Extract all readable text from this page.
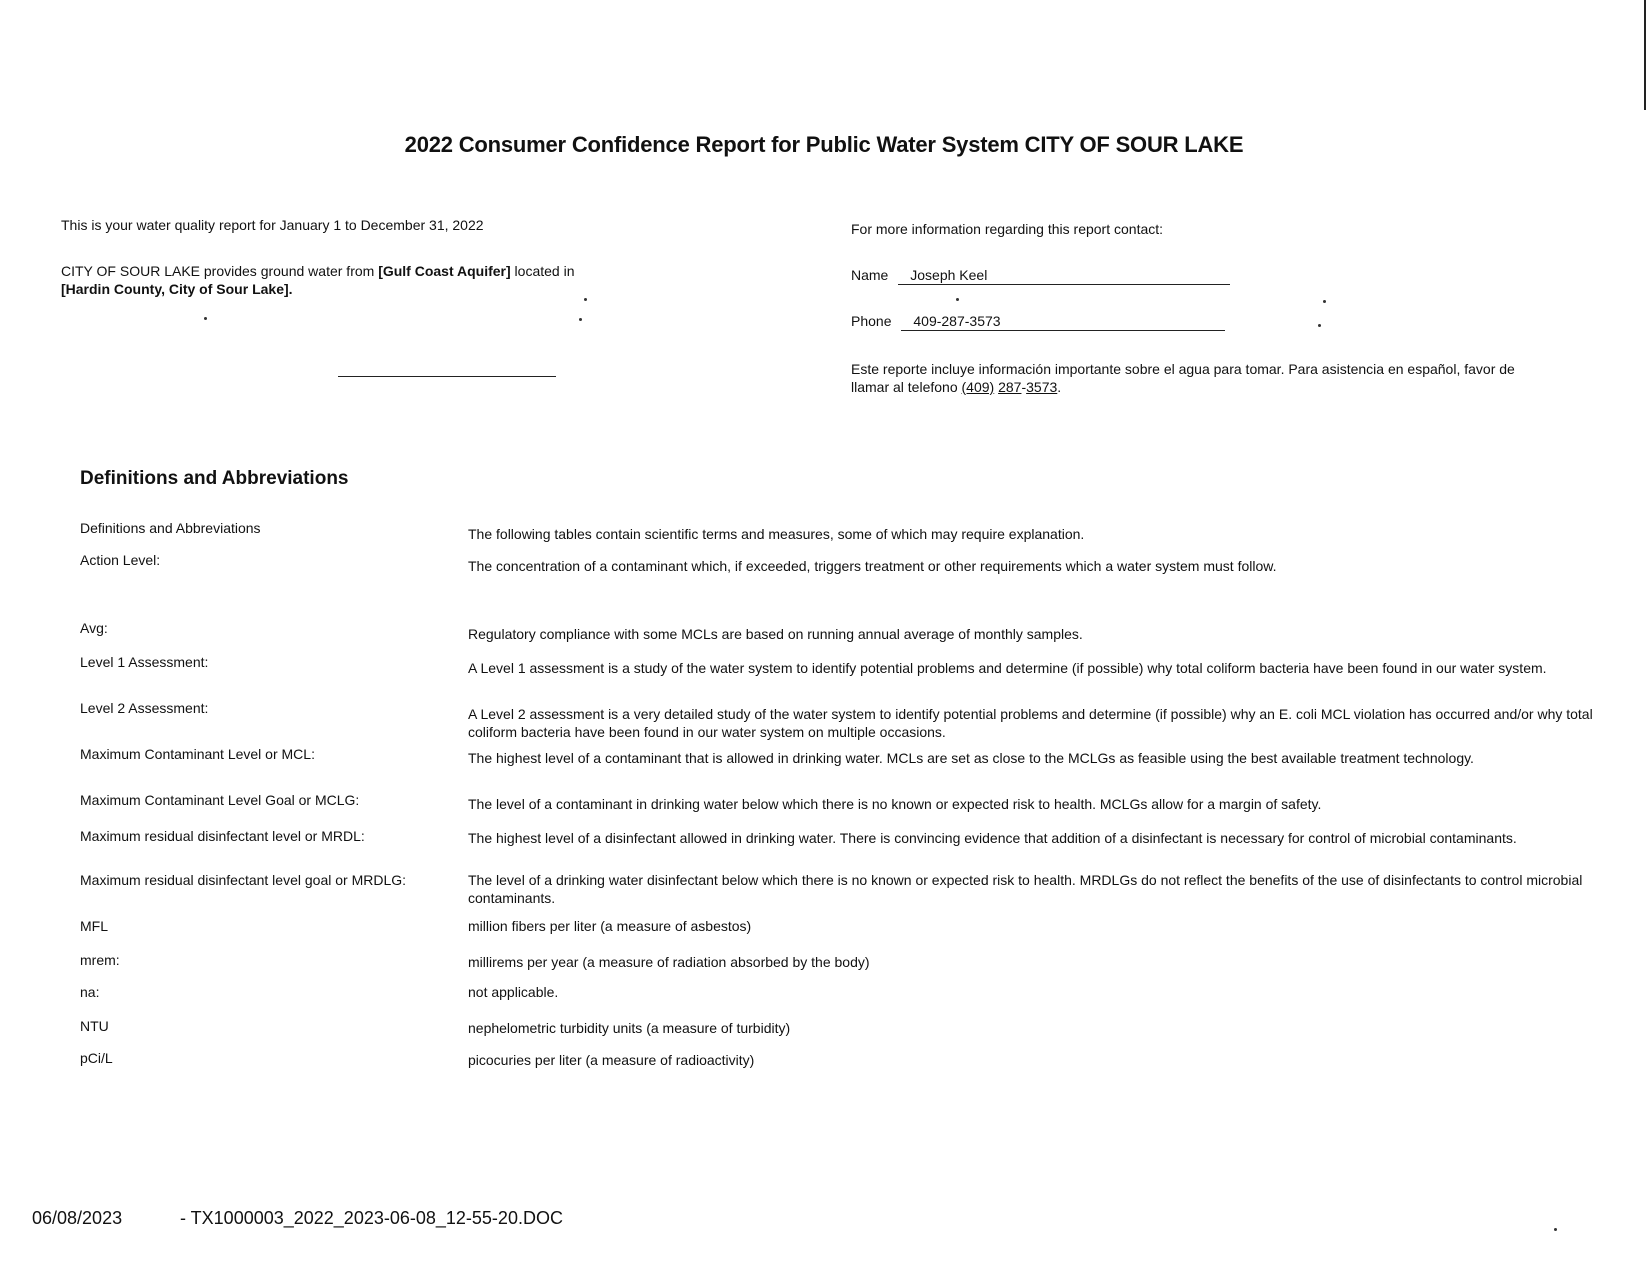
2022 Consumer Confidence Report for Public Water System CITY OF SOUR LAKE
This is your water quality report for January 1 to December 31, 2022
CITY OF SOUR LAKE provides ground water from [Gulf Coast Aquifer] located in
[Hardin County, City of Sour Lake].
For more information regarding this report contact:
Name Joseph Keel
Phone 409-287-3573
Este reporte incluye información importante sobre el agua para tomar. Para asistencia en español, favor de
llamar al telefono (409) 287-3573.
Definitions and Abbreviations
Definitions and Abbreviations	The following tables contain scientific terms and measures, some of which may require explanation.
Action Level:	The concentration of a contaminant which, if exceeded, triggers treatment or other requirements which a water system must follow.
Avg:	Regulatory compliance with some MCLs are based on running annual average of monthly samples.
Level 1 Assessment:	A Level 1 assessment is a study of the water system to identify potential problems and determine (if possible) why total coliform bacteria have been found in our water system.
Level 2 Assessment:	A Level 2 assessment is a very detailed study of the water system to identify potential problems and determine (if possible) why an E. coli MCL violation has occurred and/or why total coliform bacteria have been found in our water system on multiple occasions.
Maximum Contaminant Level or MCL:	The highest level of a contaminant that is allowed in drinking water. MCLs are set as close to the MCLGs as feasible using the best available treatment technology.
Maximum Contaminant Level Goal or MCLG:	The level of a contaminant in drinking water below which there is no known or expected risk to health. MCLGs allow for a margin of safety.
Maximum residual disinfectant level or MRDL:	The highest level of a disinfectant allowed in drinking water. There is convincing evidence that addition of a disinfectant is necessary for control of microbial contaminants.
Maximum residual disinfectant level goal or MRDLG:	The level of a drinking water disinfectant below which there is no known or expected risk to health. MRDLGs do not reflect the benefits of the use of disinfectants to control microbial contaminants.
MFL	million fibers per liter (a measure of asbestos)
mrem:	millirems per year (a measure of radiation absorbed by the body)
na:	not applicable.
NTU	nephelometric turbidity units (a measure of turbidity)
pCi/L	picocuries per liter (a measure of radioactivity)
06/08/2023	- TX1000003_2022_2023-06-08_12-55-20.DOC
